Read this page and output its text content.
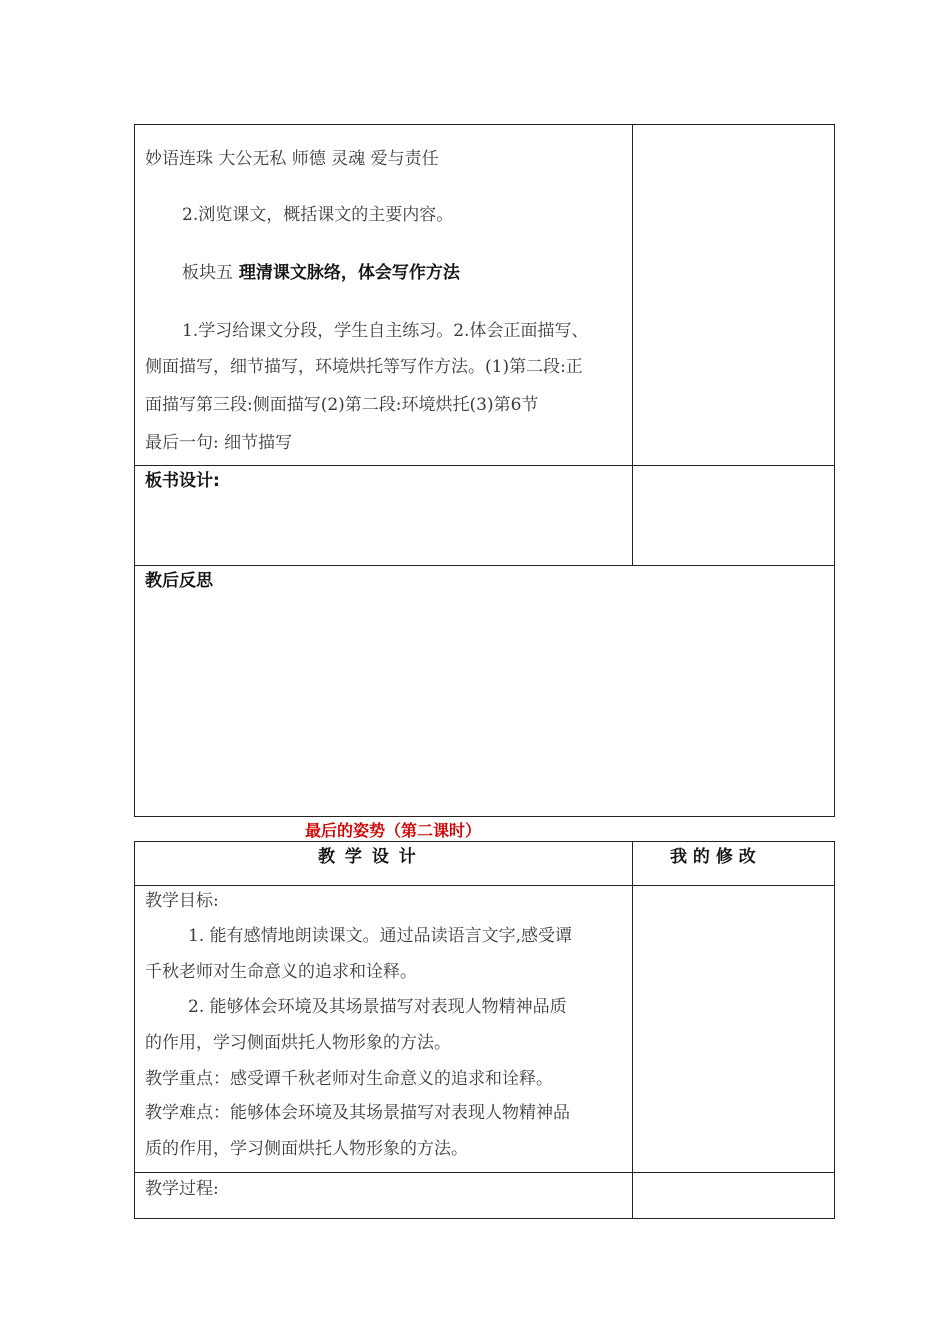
妙语连珠 大公无私 师德 灵魂 爱与责任
2.浏览课文，概括课文的主要内容。
板块五 理清课文脉络，体会写作方法
1.学习给课文分段，学生自主练习。2.体会正面描写、
侧面描写，细节描写，环境烘托等写作方法。(1)第二段:正
面描写第三段:侧面描写(2)第二段:环境烘托(3)第6节
最后一句: 细节描写
板书设计:
教后反思
最后的姿势（第二课时）
教 学 设 计	我 的 修 改
教学目标:
1. 能有感情地朗读课文。通过品读语言文字,感受谭
千秋老师对生命意义的追求和诠释。
2. 能够体会环境及其场景描写对表现人物精神品质
的作用，学习侧面烘托人物形象的方法。
教学重点：感受谭千秋老师对生命意义的追求和诠释。
教学难点：能够体会环境及其场景描写对表现人物精神品
质的作用，学习侧面烘托人物形象的方法。
教学过程:
